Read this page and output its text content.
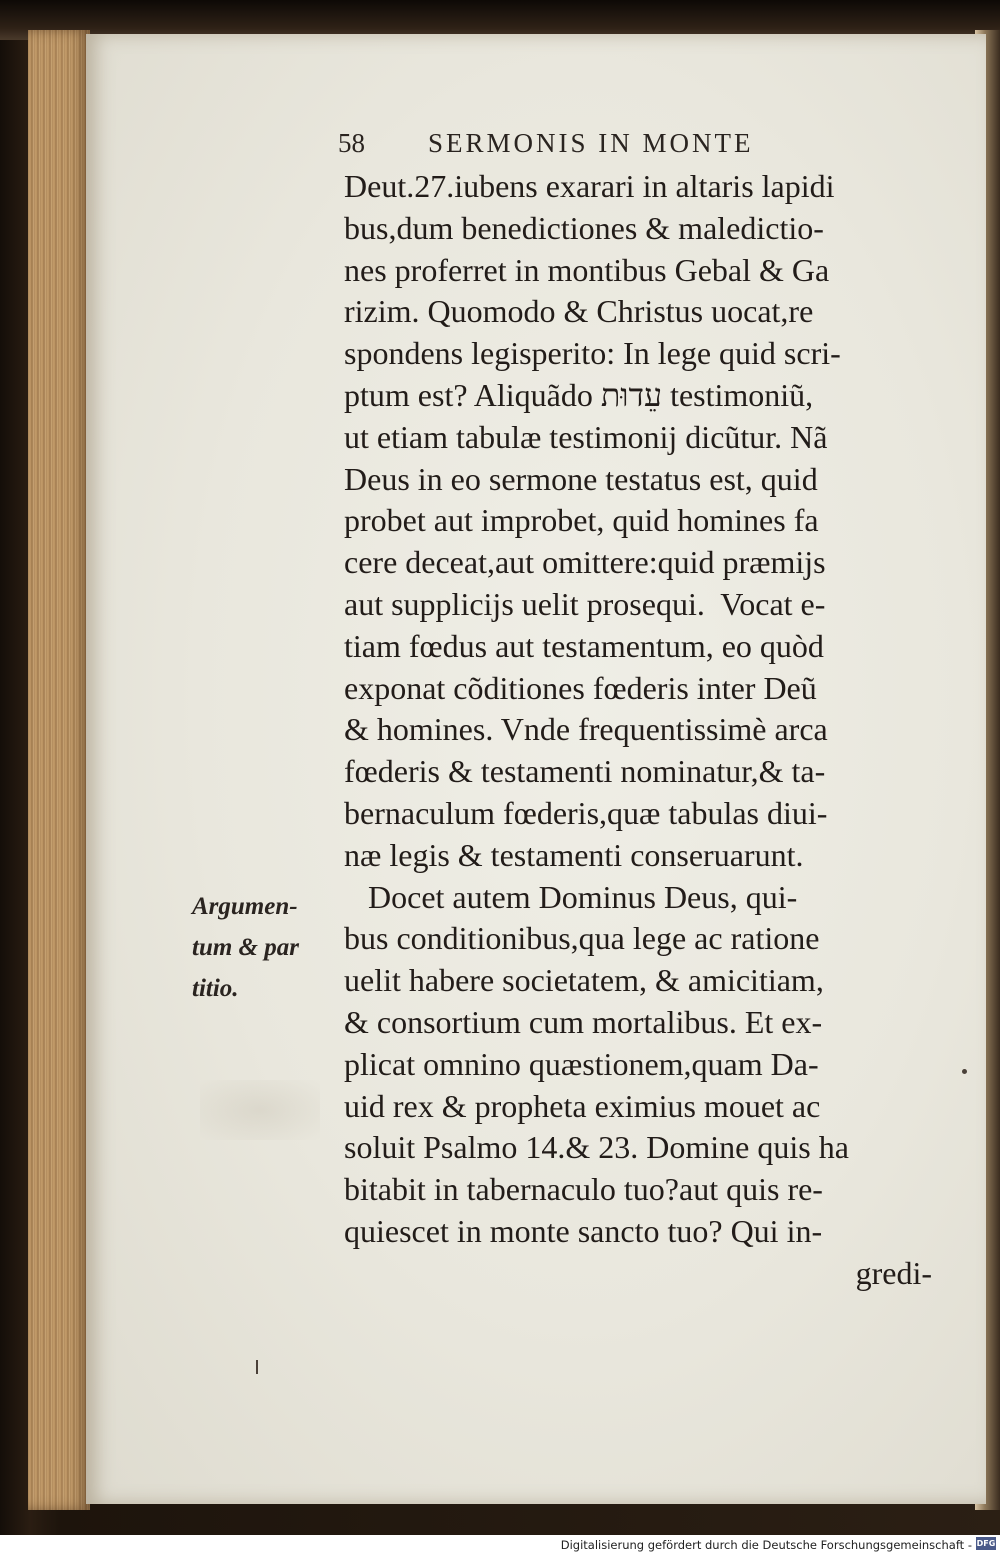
58 SERMONIS IN MONTE
Argumen-
tum & par
titio.
Deut.27.iubens exarari in altaris lapidi
bus,dum benedictiones & maledictio-
nes proferret in montibus Gebal & Ga
rizim. Quomodo & Christus uocat,re
spondens legisperito: In lege quid scri-
ptum est? Aliquãdo עֵדוּת testimoniũ,
ut etiam tabulæ testimonij dicũtur. Nã
Deus in eo sermone testatus est, quid
probet aut improbet, quid homines fa
cere deceat,aut omittere:quid præmijs
aut supplicijs uelit prosequi.  Vocat e-
tiam fœdus aut testamentum, eo quòd
exponat cõditiones fœderis inter Deũ
& homines. Vnde frequentissimè arca
fœderis & testamenti nominatur,& ta-
bernaculum fœderis,quæ tabulas diui-
næ legis & testamenti conseruarunt.
Docet autem Dominus Deus, qui-
bus conditionibus,qua lege ac ratione
uelit habere societatem, & amicitiam,
& consortium cum mortalibus. Et ex-
plicat omnino quæstionem,quam Da-
uid rex & propheta eximius mouet ac
soluit Psalmo 14.& 23. Domine quis ha
bitabit in tabernaculo tuo?aut quis re-
quiescet in monte sancto tuo? Qui in-
gredi-
Digitalisierung gefördert durch die Deutsche Forschungsgemeinschaft - DFG
